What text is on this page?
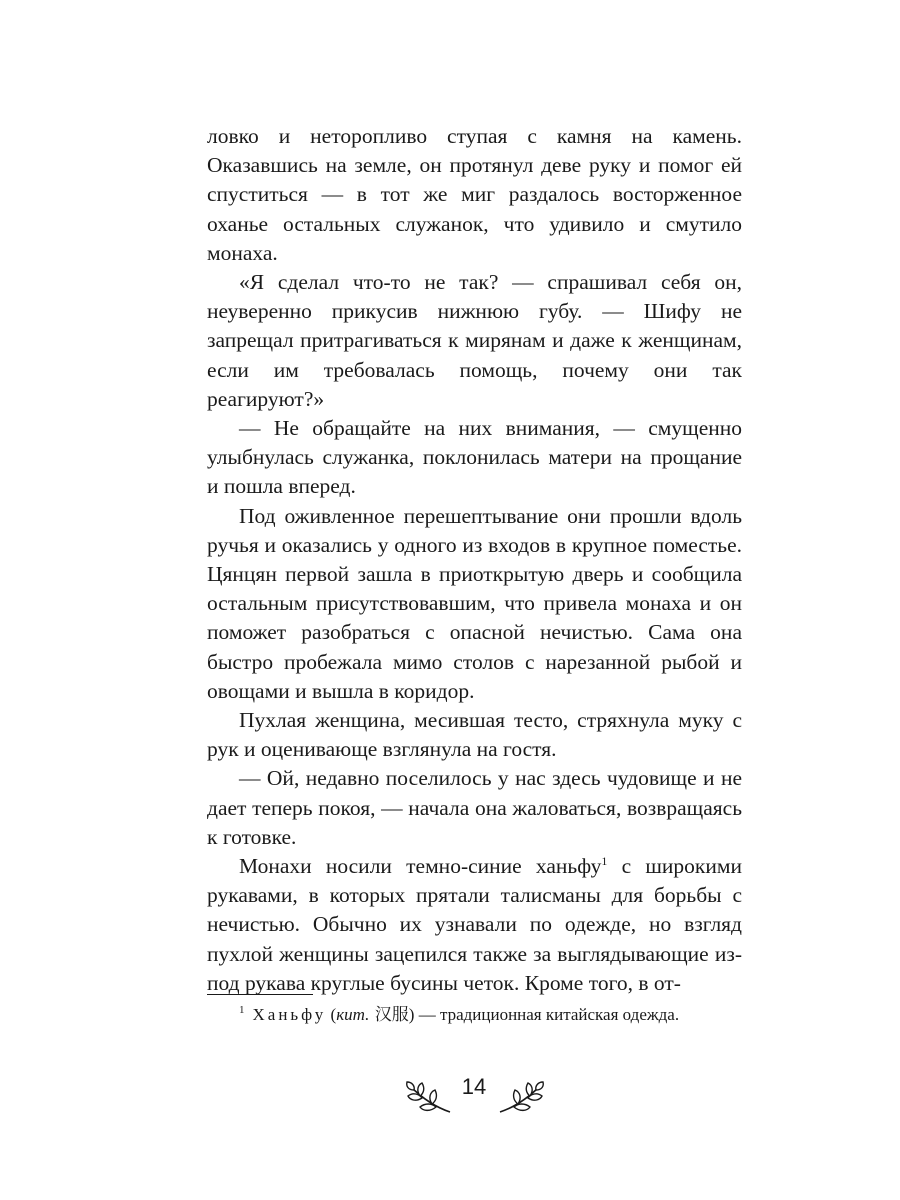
ловко и неторопливо ступая с камня на камень. Оказавшись на земле, он протянул деве руку и помог ей спуститься — в тот же миг раздалось восторженное оханье остальных служанок, что удивило и смутило монаха.

«Я сделал что-то не так? — спрашивал себя он, неуверенно прикусив нижнюю губу. — Шифу не запрещал притрагиваться к мирянам и даже к женщинам, если им требовалась помощь, почему они так реагируют?»

— Не обращайте на них внимания, — смущенно улыбнулась служанка, поклонилась матери на прощание и пошла вперед.

Под оживленное перешептывание они прошли вдоль ручья и оказались у одного из входов в крупное поместье. Цянцян первой зашла в приоткрытую дверь и сообщила остальным присутствовавшим, что привела монаха и он поможет разобраться с опасной нечистью. Сама она быстро пробежала мимо столов с нарезанной рыбой и овощами и вышла в коридор.

Пухлая женщина, месившая тесто, стряхнула муку с рук и оценивающе взглянула на гостя.

— Ой, недавно поселилось у нас здесь чудовище и не дает теперь покоя, — начала она жаловаться, возвращаясь к готовке.

Монахи носили темно-синие ханьфу$^1$ с широкими рукавами, в которых прятали талисманы для борьбы с нечистью. Обычно их узнавали по одежде, но взгляд пухлой женщины зацепился также за выглядывающие из-под рукава круглые бусины четок. Кроме того, в от-

$^1$ Ханьфу (кит. 汉服) — традиционная китайская одежда.
14
